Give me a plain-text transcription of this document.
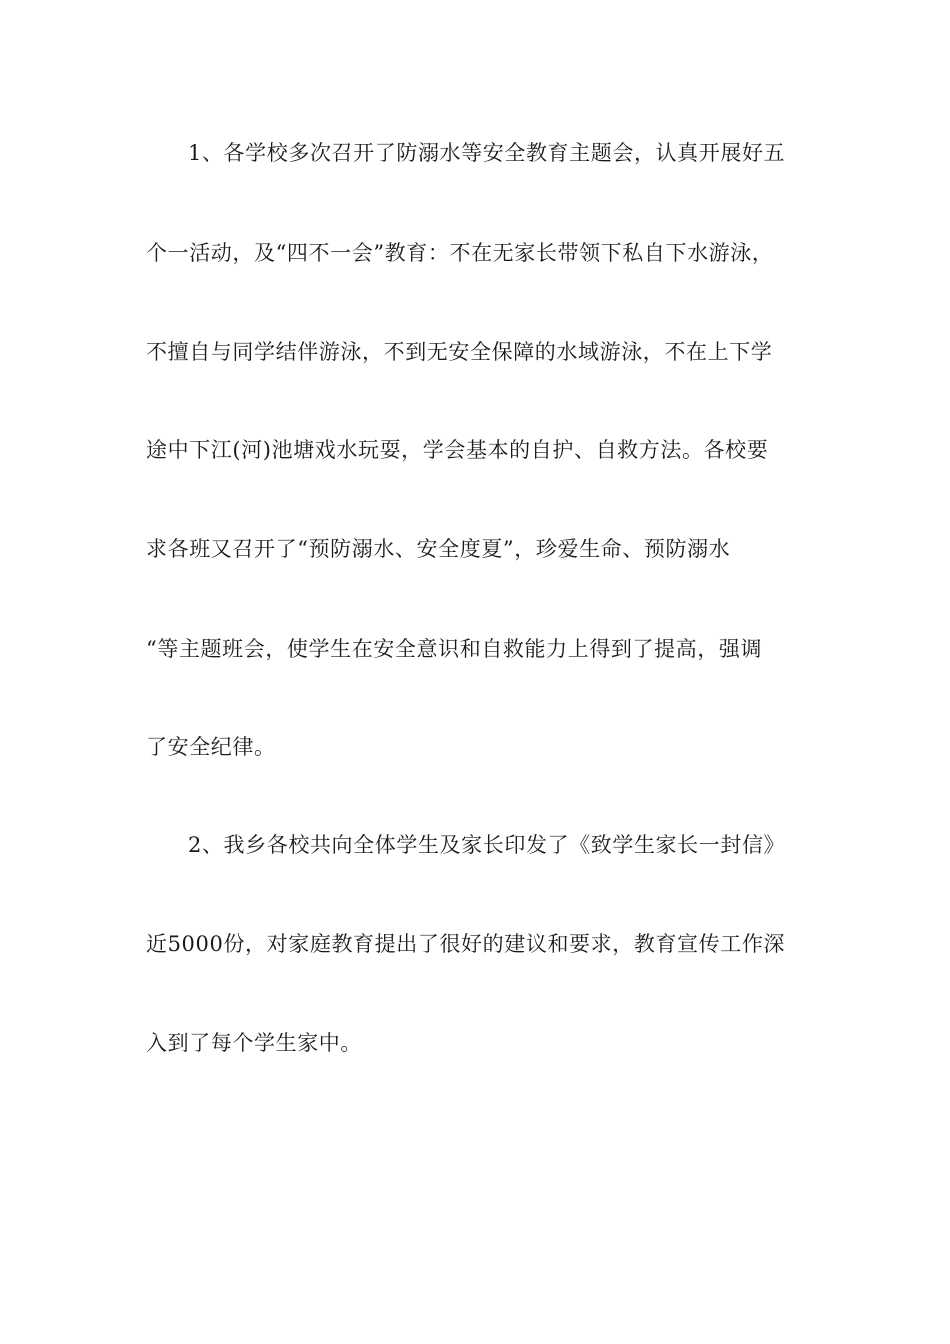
1、各学校多次召开了防溺水等安全教育主题会，认真开展好五
个一活动，及“四不一会”教育：不在无家长带领下私自下水游泳，
不擅自与同学结伴游泳，不到无安全保障的水域游泳，不在上下学
途中下江(河)池塘戏水玩耍，学会基本的自护、自救方法。各校要
求各班又召开了“预防溺水、安全度夏”，珍爱生命、预防溺水
“等主题班会，使学生在安全意识和自救能力上得到了提高，强调
了安全纪律。
2、我乡各校共向全体学生及家长印发了《致学生家长一封信》
近5000份，对家庭教育提出了很好的建议和要求，教育宣传工作深
入到了每个学生家中。
